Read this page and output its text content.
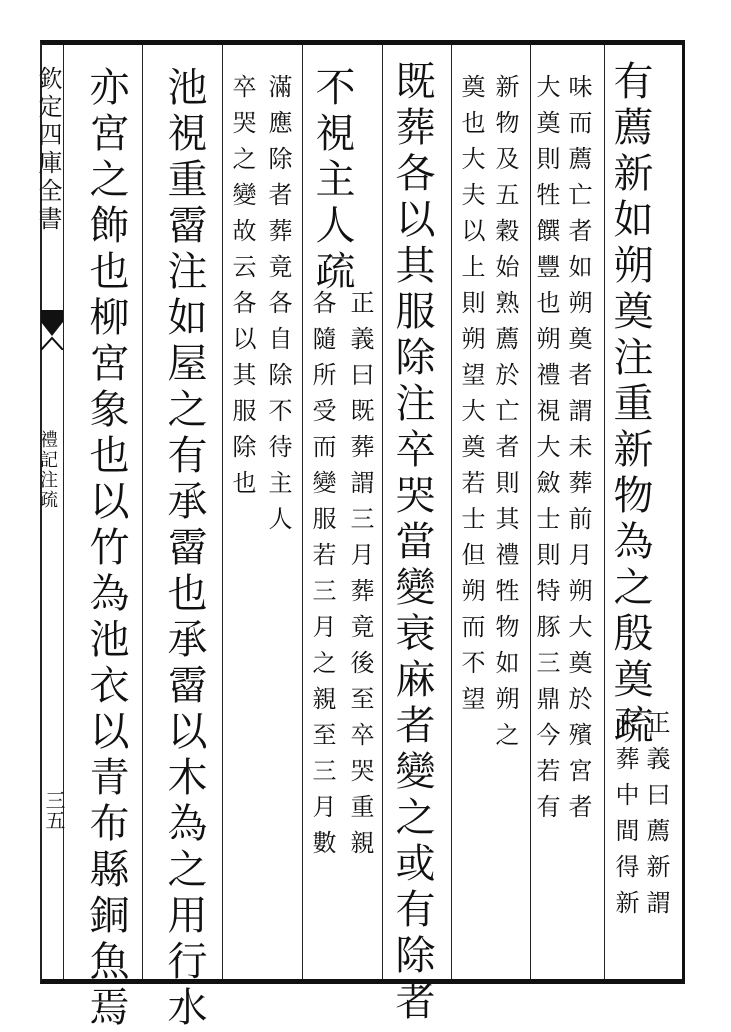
欽定四庫全書
禮記注疏
三五
有薦新如朔奠注重新物為之殷奠疏
正義曰薦新謂
未葬中間得新
味而薦亡者如朔奠者謂未葬前月朔大奠於殯宮者
大奠則牲饌豐也朔禮視大斂士則特豚三鼎今若有
新物及五穀始熟薦於亡者則其禮牲物如朔之
奠也大夫以上則朔望大奠若士但朔而不望
既葬各以其服除注卒哭當變衰麻者變之或有除者
不視主人疏
正義曰既葬謂三月葬竟後至卒哭重親
各隨所受而變服若三月之親至三月數
滿應除者葬竟各自除不待主人
卒哭之變故云各以其服除也
池視重霤注如屋之有承霤也承霤以木為之用行水
亦宮之飾也柳宮象也以竹為池衣以青布縣銅魚焉
